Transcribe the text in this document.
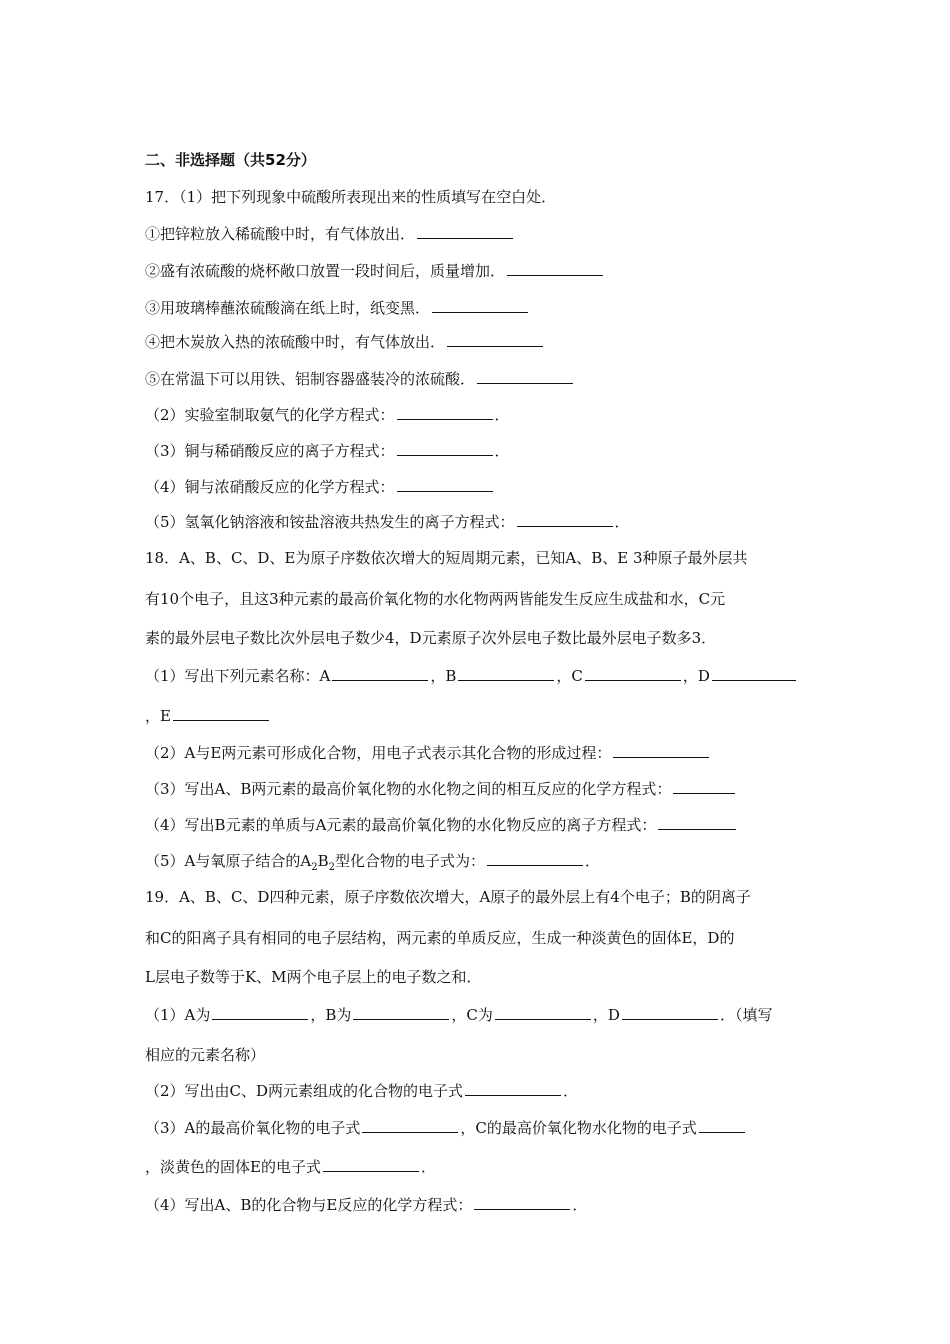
二、非选择题（共52分）
17．（1）把下列现象中硫酸所表现出来的性质填写在空白处．
①把锌粒放入稀硫酸中时，有气体放出．
②盛有浓硫酸的烧杯敞口放置一段时间后，质量增加．
③用玻璃棒蘸浓硫酸滴在纸上时，纸变黑．
④把木炭放入热的浓硫酸中时，有气体放出．
⑤在常温下可以用铁、铝制容器盛装冷的浓硫酸．
（2）实验室制取氨气的化学方程式：	．
（3）铜与稀硝酸反应的离子方程式：	．
（4）铜与浓硝酸反应的化学方程式：
（5）氢氧化钠溶液和铵盐溶液共热发生的离子方程式：	．
18．A、B、C、D、E为原子序数依次增大的短周期元素，已知A、B、E 3种原子最外层共
有10个电子，且这3种元素的最高价氧化物的水化物两两皆能发生反应生成盐和水，C元
素的最外层电子数比次外层电子数少4，D元素原子次外层电子数比最外层电子数多3．
（1）写出下列元素名称：A	，B	，C	，D
，E
（2）A与E两元素可形成化合物，用电子式表示其化合物的形成过程：
（3）写出A、B两元素的最高价氧化物的水化物之间的相互反应的化学方程式：
（4）写出B元素的单质与A元素的最高价氧化物的水化物反应的离子方程式：
（5）A与氧原子结合的$A_2B_2$型化合物的电子式为：	．
19．A、B、C、D四种元素，原子序数依次增大，A原子的最外层上有4个电子；B的阴离子
和C的阳离子具有相同的电子层结构，两元素的单质反应，生成一种淡黄色的固体E，D的
L层电子数等于K、M两个电子层上的电子数之和．
（1）A为	，B为	，C为	，D	．（填写
相应的元素名称）
（2）写出由C、D两元素组成的化合物的电子式	．
（3）A的最高价氧化物的电子式	，C的最高价氧化物水化物的电子式
，淡黄色的固体E的电子式	．
（4）写出A、B的化合物与E反应的化学方程式：	．
